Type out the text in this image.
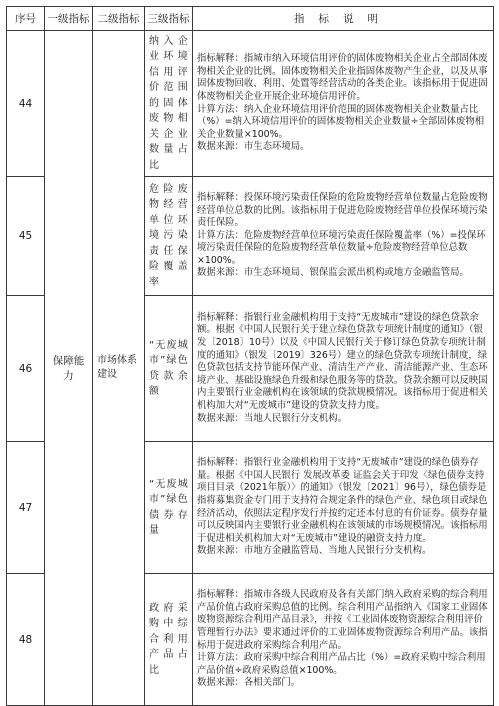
序号	一级指标	二级指标	三级指标	指标说明
44	保障能力	市场体系建设	纳入企业环境信用评价范围的固体废物相关企业数量占比	指标解释：指城市纳入环境信用评价的固体废物相关企业占全部固体废物相关企业的比例。固体废物相关企业指固体废物产生企业，以及从事固体废物回收、利用、处置等经营活动的各类企业。该指标用于促进固体废物相关企业开展企业环境信用评价。
计算方法：纳入企业环境信用评价范围的固体废物相关企业数量占比（%）=纳入环境信用评价的固体废物相关企业数量÷全部固体废物相关企业数量×100%。
数据来源：市生态环境局。

45			危险废物经营单位环境污染责任保险覆盖率	指标解释：投保环境污染责任保险的危险废物经营单位数量占危险废物经营单位总数的比例。该指标用于促进危险废物经营单位投保环境污染责任保险。
计算方法：危险废物经营单位环境污染责任保险覆盖率（%）=投保环境污染责任保险的危险废物经营单位数量÷危险废物经营单位总数×100%。
数据来源：市生态环境局、银保监会派出机构或地方金融监管局。

46			“无废城市”绿色贷款余额	指标解释：指银行业金融机构用于支持“无废城市”建设的绿色贷款余额。根据《中国人民银行关于建立绿色贷款专项统计制度的通知》（银发〔2018〕10号）以及《中国人民银行关于修订绿色贷款专项统计制度的通知》（银发〔2019〕326号）建立的绿色贷款专项统计制度，绿色贷款包括支持节能环保产业、清洁生产产业、清洁能源产业、生态环境产业、基础设施绿色升级和绿色服务等的贷款。贷款余额可以反映国内主要银行业金融机构在该领域的贷款规模情况。该指标用于促进相关机构加大对“无废城市”建设的贷款支持力度。
数据来源：当地人民银行分支机构。

47			“无废城市”绿色债券存量	指标解释：指银行业金融机构用于支持“无废城市”建设的绿色债券存量。根据《中国人民银行 发展改革委 证监会关于印发〈绿色债券支持项目目录（2021年版）〉的通知》（银发〔2021〕96号），绿色债券是指将募集资金专门用于支持符合规定条件的绿色产业、绿色项目或绿色经济活动，依照法定程序发行并按约定还本付息的有价证券。债券存量可以反映国内主要银行业金融机构在该领域的市场规模情况。该指标用于促进相关机构加大对“无废城市”建设的融资支持力度。
数据来源：市地方金融监管局、当地人民银行分支机构。

48			政府采购中综合利用产品占比	指标解释：指城市各级人民政府及各有关部门纳入政府采购的综合利用产品价值占政府采购总值的比例。综合利用产品指纳入《国家工业固体废物资源综合利用产品目录》，并按《工业固体废物资源综合利用评价管理暂行办法》要求通过评价的工业固体废物资源综合利用产品。该指标用于促进政府采购综合利用产品。
计算方法：政府采购中综合利用产品占比（%）=政府采购中综合利用产品价值÷政府采购总值×100%。
数据来源：各相关部门。
